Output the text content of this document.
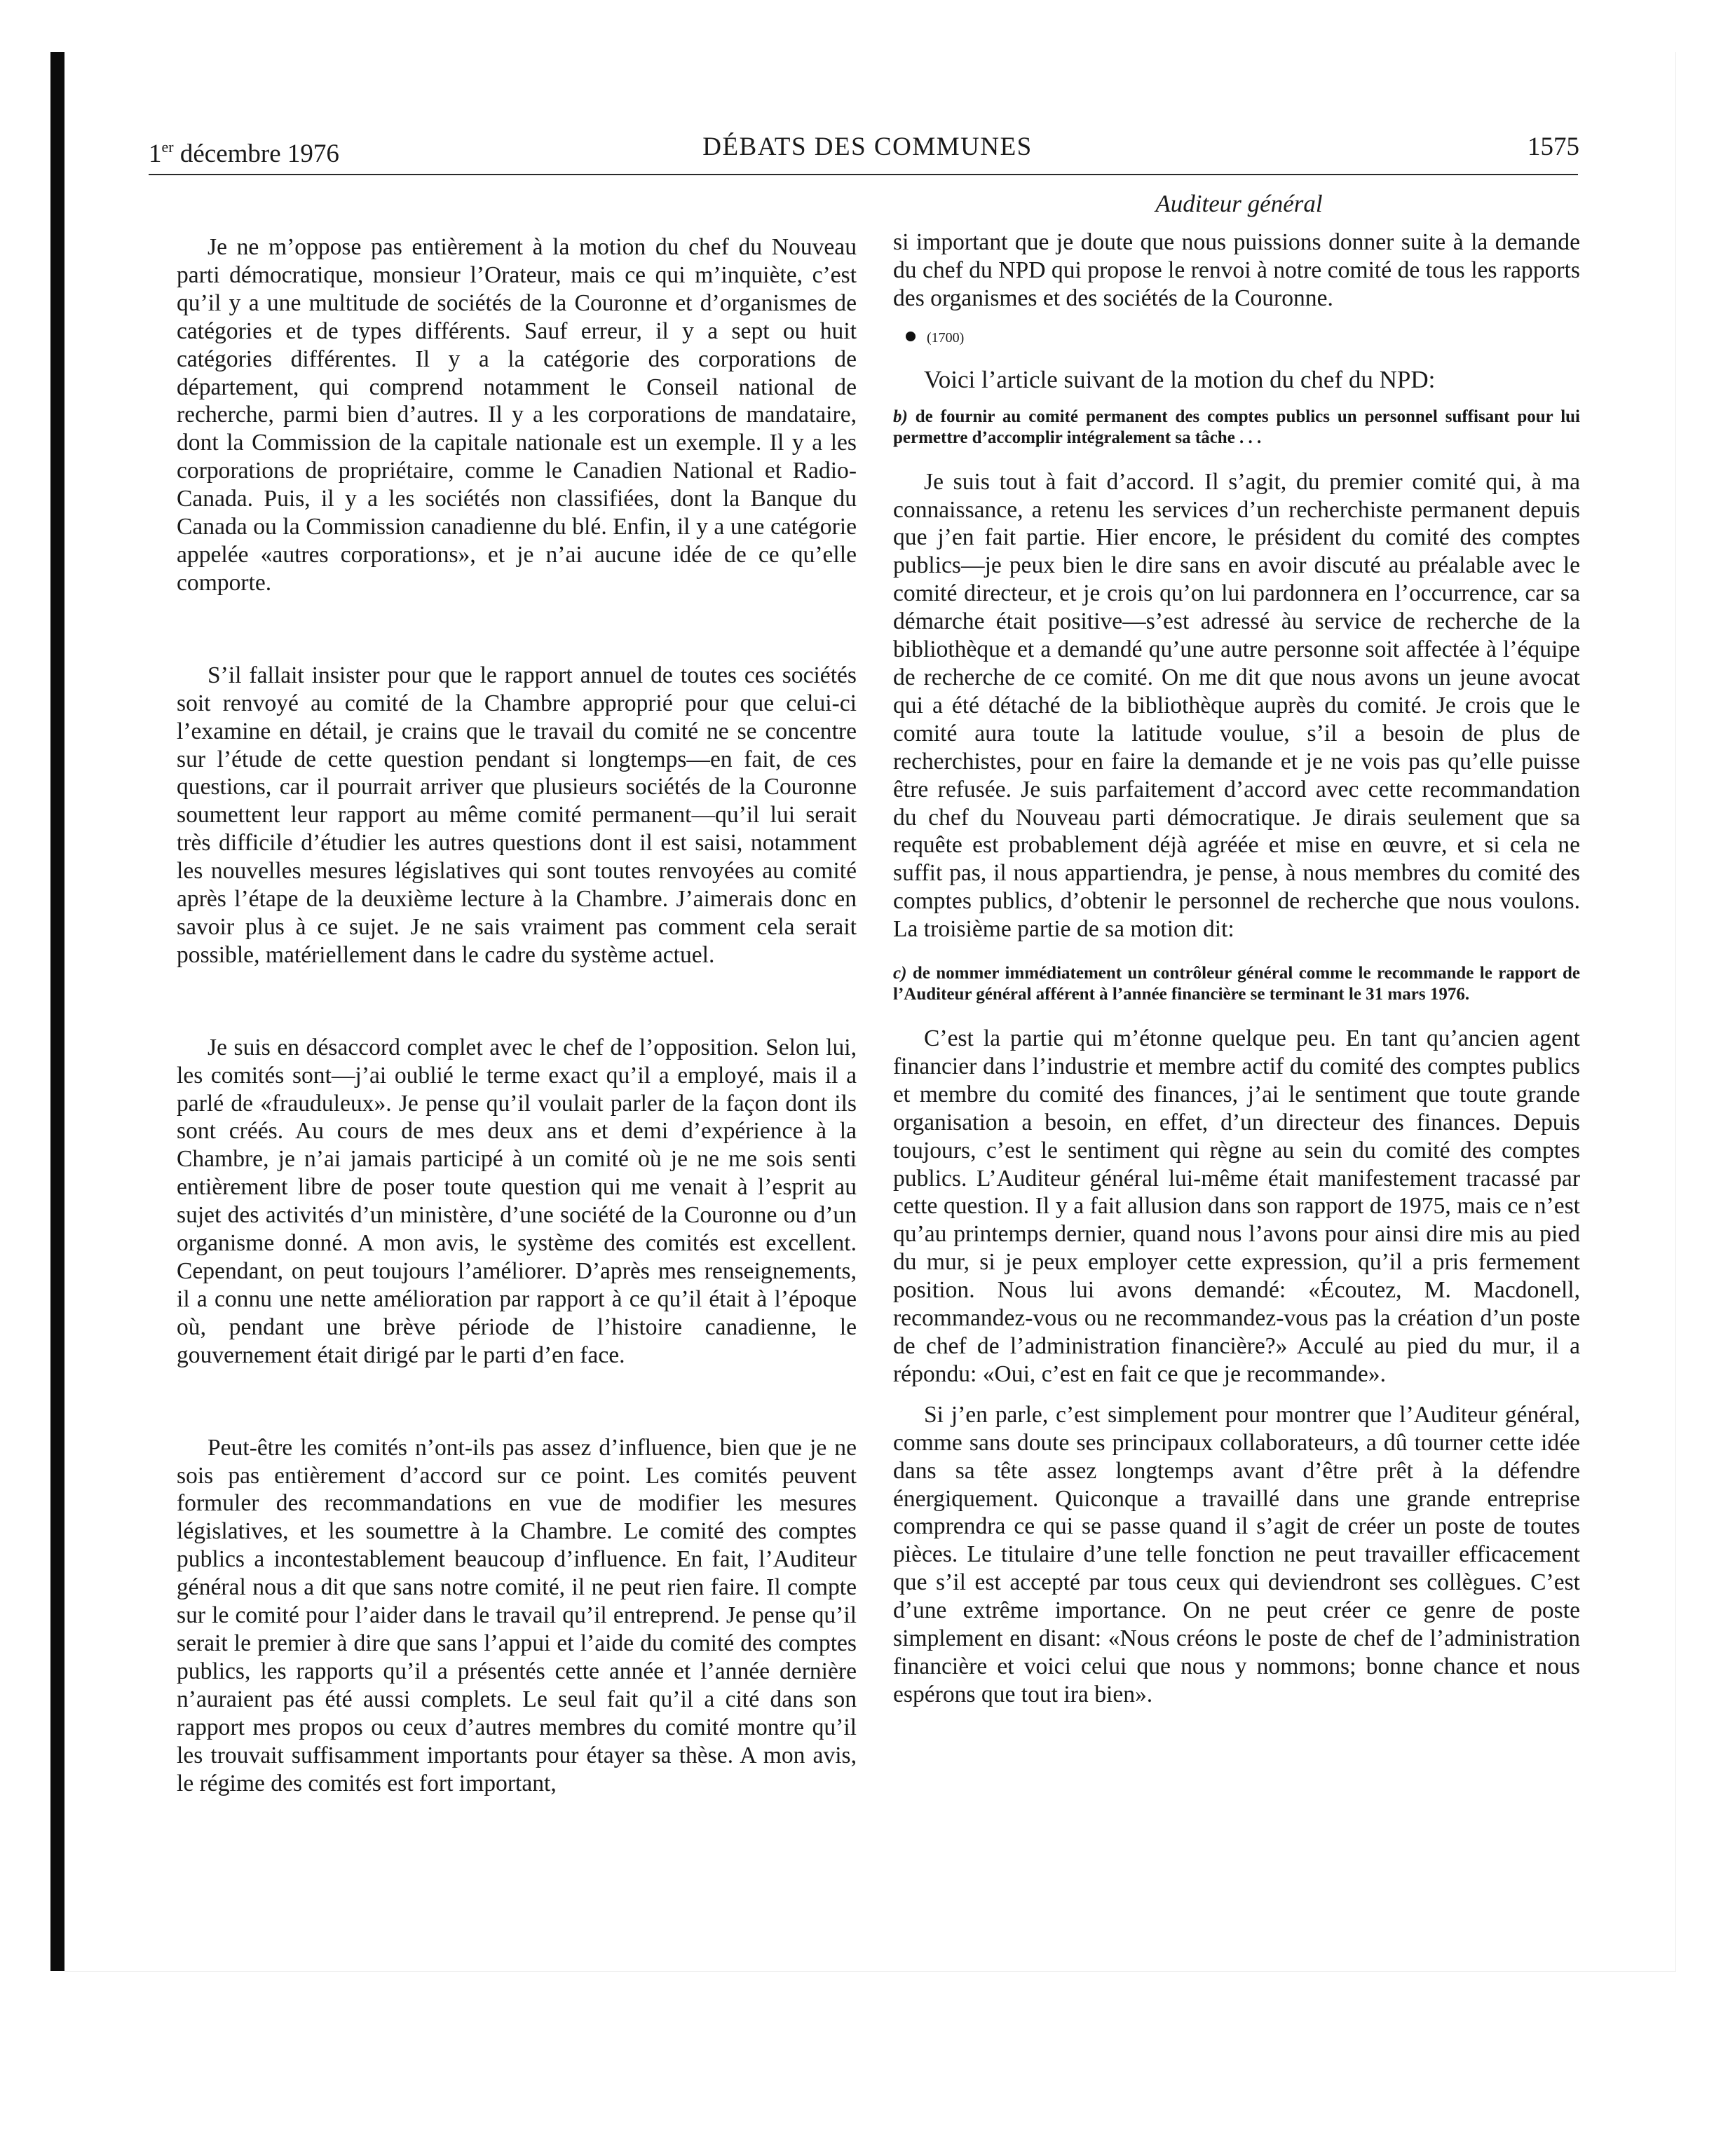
1er décembre 1976	DÉBATS DES COMMUNES	1575
Auditeur général

Je ne m’oppose pas entièrement à la motion du chef du Nouveau parti démocratique, monsieur l’Orateur, mais ce qui m’inquiète, c’est qu’il y a une multitude de sociétés de la Couronne et d’organismes de catégories et de types différents. Sauf erreur, il y a sept ou huit catégories différentes. Il y a la catégorie des corporations de département, qui comprend notamment le Conseil national de recherche, parmi bien d’autres. Il y a les corporations de mandataire, dont la Commission de la capitale nationale est un exemple. Il y a les corporations de propriétaire, comme le Canadien National et Radio-Canada. Puis, il y a les sociétés non classifiées, dont la Banque du Canada ou la Commission canadienne du blé. Enfin, il y a une catégorie appelée «autres corporations», et je n’ai aucune idée de ce qu’elle comporte.

S’il fallait insister pour que le rapport annuel de toutes ces sociétés soit renvoyé au comité de la Chambre approprié pour que celui-ci l’examine en détail, je crains que le travail du comité ne se concentre sur l’étude de cette question pendant si longtemps—en fait, de ces questions, car il pourrait arriver que plusieurs sociétés de la Couronne soumettent leur rapport au même comité permanent—qu’il lui serait très difficile d’étudier les autres questions dont il est saisi, notamment les nouvelles mesures législatives qui sont toutes renvoyées au comité après l’étape de la deuxième lecture à la Chambre. J’aimerais donc en savoir plus à ce sujet. Je ne sais vraiment pas comment cela serait possible, matériellement dans le cadre du système actuel.

Je suis en désaccord complet avec le chef de l’opposition. Selon lui, les comités sont—j’ai oublié le terme exact qu’il a employé, mais il a parlé de «frauduleux». Je pense qu’il voulait parler de la façon dont ils sont créés. Au cours de mes deux ans et demi d’expérience à la Chambre, je n’ai jamais participé à un comité où je ne me sois senti entièrement libre de poser toute question qui me venait à l’esprit au sujet des activités d’un ministère, d’une société de la Couronne ou d’un organisme donné. A mon avis, le système des comités est excellent. Cependant, on peut toujours l’améliorer. D’après mes renseignements, il a connu une nette amélioration par rapport à ce qu’il était à l’époque où, pendant une brève période de l’histoire canadienne, le gouvernement était dirigé par le parti d’en face.

Peut-être les comités n’ont-ils pas assez d’influence, bien que je ne sois pas entièrement d’accord sur ce point. Les comités peuvent formuler des recommandations en vue de modifier les mesures législatives, et les soumettre à la Chambre. Le comité des comptes publics a incontestablement beaucoup d’influence. En fait, l’Auditeur général nous a dit que sans notre comité, il ne peut rien faire. Il compte sur le comité pour l’aider dans le travail qu’il entreprend. Je pense qu’il serait le premier à dire que sans l’appui et l’aide du comité des comptes publics, les rapports qu’il a présentés cette année et l’année dernière n’auraient pas été aussi complets. Le seul fait qu’il a cité dans son rapport mes propos ou ceux d’autres membres du comité montre qu’il les trouvait suffisamment importants pour étayer sa thèse. A mon avis, le régime des comités est fort important,

si important que je doute que nous puissions donner suite à la demande du chef du NPD qui propose le renvoi à notre comité de tous les rapports des organismes et des sociétés de la Couronne.

(1700)

Voici l’article suivant de la motion du chef du NPD:

b) de fournir au comité permanent des comptes publics un personnel suffisant pour lui permettre d’accomplir intégralement sa tâche . . .

Je suis tout à fait d’accord. Il s’agit, du premier comité qui, à ma connaissance, a retenu les services d’un recherchiste permanent depuis que j’en fait partie. Hier encore, le président du comité des comptes publics—je peux bien le dire sans en avoir discuté au préalable avec le comité directeur, et je crois qu’on lui pardonnera en l’occurrence, car sa démarche était positive—s’est adressé àu service de recherche de la bibliothèque et a demandé qu’une autre personne soit affectée à l’équipe de recherche de ce comité. On me dit que nous avons un jeune avocat qui a été détaché de la bibliothèque auprès du comité. Je crois que le comité aura toute la latitude voulue, s’il a besoin de plus de recherchistes, pour en faire la demande et je ne vois pas qu’elle puisse être refusée. Je suis parfaitement d’accord avec cette recommandation du chef du Nouveau parti démocratique. Je dirais seulement que sa requête est probablement déjà agréée et mise en œuvre, et si cela ne suffit pas, il nous appartiendra, je pense, à nous membres du comité des comptes publics, d’obtenir le personnel de recherche que nous voulons. La troisième partie de sa motion dit:

c) de nommer immédiatement un contrôleur général comme le recommande le rapport de l’Auditeur général afférent à l’année financière se terminant le 31 mars 1976.

C’est la partie qui m’étonne quelque peu. En tant qu’ancien agent financier dans l’industrie et membre actif du comité des comptes publics et membre du comité des finances, j’ai le sentiment que toute grande organisation a besoin, en effet, d’un directeur des finances. Depuis toujours, c’est le sentiment qui règne au sein du comité des comptes publics. L’Auditeur général lui-même était manifestement tracassé par cette question. Il y a fait allusion dans son rapport de 1975, mais ce n’est qu’au printemps dernier, quand nous l’avons pour ainsi dire mis au pied du mur, si je peux employer cette expression, qu’il a pris fermement position. Nous lui avons demandé: «Écoutez, M. Macdonell, recommandez-vous ou ne recommandez-vous pas la création d’un poste de chef de l’administration financière?» Acculé au pied du mur, il a répondu: «Oui, c’est en fait ce que je recommande».

Si j’en parle, c’est simplement pour montrer que l’Auditeur général, comme sans doute ses principaux collaborateurs, a dû tourner cette idée dans sa tête assez longtemps avant d’être prêt à la défendre énergiquement. Quiconque a travaillé dans une grande entreprise comprendra ce qui se passe quand il s’agit de créer un poste de toutes pièces. Le titulaire d’une telle fonction ne peut travailler efficacement que s’il est accepté par tous ceux qui deviendront ses collègues. C’est d’une extrême importance. On ne peut créer ce genre de poste simplement en disant: «Nous créons le poste de chef de l’administration financière et voici celui que nous y nommons; bonne chance et nous espérons que tout ira bien».
